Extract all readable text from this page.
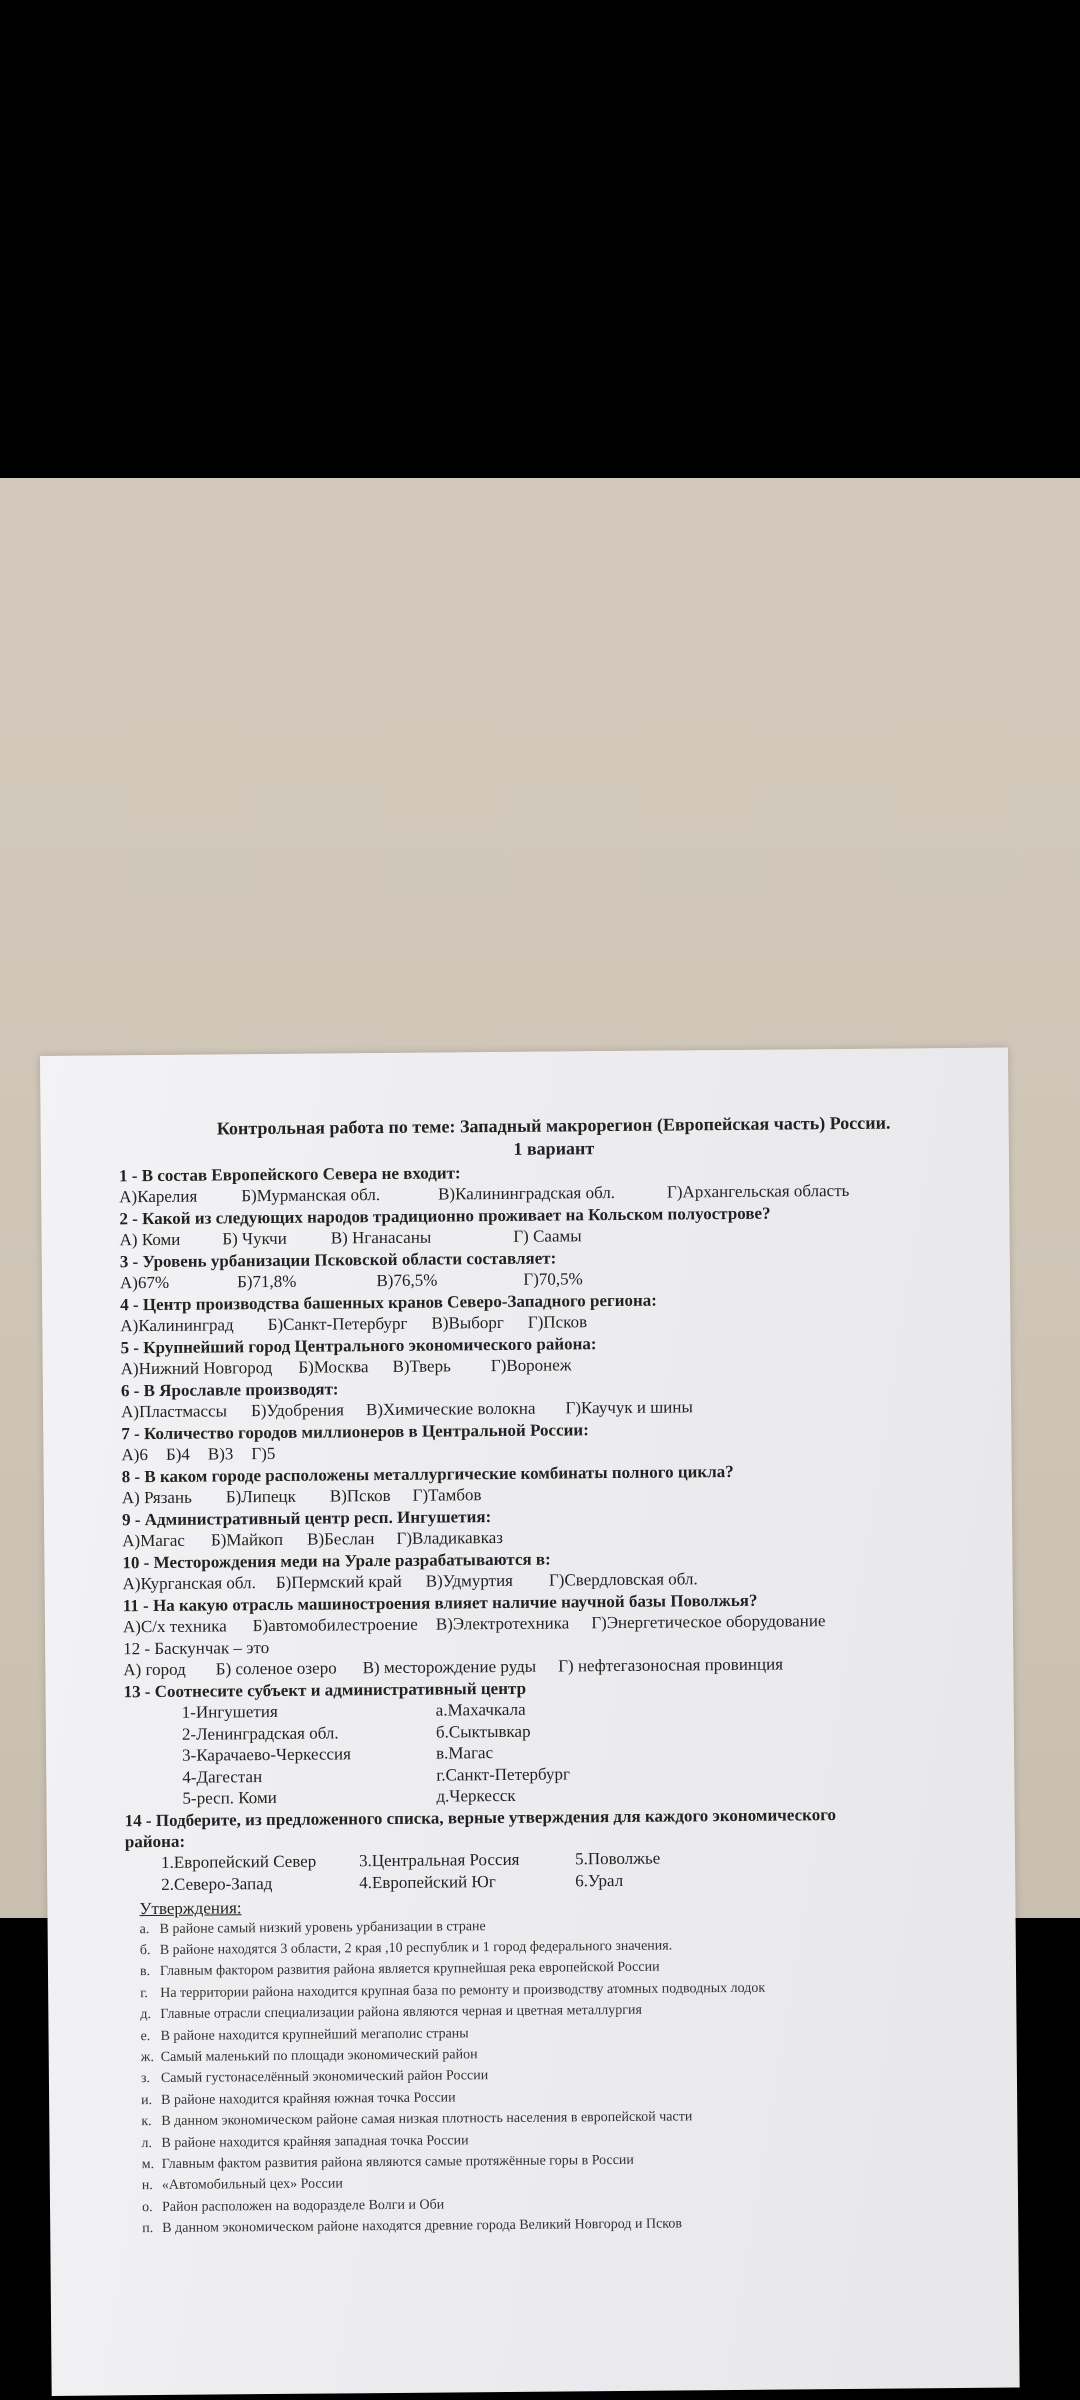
Контрольная работа по теме: Западный макрорегион (Европейская часть) России.
1 вариант
1 - В состав Европейского Севера не входит:
А)Карелия	Б)Мурманская обл.	В)Калининградская обл.	Г)Архангельская область
2 - Какой из следующих народов традиционно проживает на Кольском полуострове?
А) Коми Б) Чукчи	В) Нганасаны	Г) Саамы
3 - Уровень урбанизации Псковской области составляет:
А)67%	Б)71,8%	В)76,5%	Г)70,5%
4 - Центр производства башенных кранов Северо-Западного региона:
А)Калининград Б)Санкт-Петербург В)Выборг Г)Псков
5 - Крупнейший город Центрального экономического района:
А)Нижний Новгород Б)Москва В)Тверь Г)Воронеж
6 - В Ярославле производят:
А)Пластмассы Б)Удобрения В)Химические волокна Г)Каучук и шины
7 - Количество городов миллионеров в Центральной России:
А)6 Б)4 В)3 Г)5
8 - В каком городе расположены металлургические комбинаты полного цикла?
А) Рязань Б)Липецк В)Псков Г)Тамбов
9 - Административный центр респ. Ингушетия:
А)Магас Б)Майкоп В)Беслан Г)Владикавказ
10 - Месторождения меди на Урале разрабатываются в:
А)Курганская обл. Б)Пермский край В)Удмуртия Г)Свердловская обл.
11 - На какую отрасль машиностроения влияет наличие научной базы Поволжья?
А)С/х техника Б)автомобилестроение В)Электротехника Г)Энергетическое оборудование
12 - Баскунчак – это
А) город Б) соленое озеро В) месторождение руды Г) нефтегазоносная провинция
13 - Соотнесите субъект и административный центр
1-Ингушетия	а.Махачкала
2-Ленинградская обл.	б.Сыктывкар
3-Карачаево-Черкессия	в.Магас
4-Дагестан	г.Санкт-Петербург
5-респ. Коми	д.Черкесск
14 - Подберите, из предложенного списка, верные утверждения для каждого экономического
района:
1.Европейский Север	3.Центральная Россия	5.Поволжье
2.Северо-Запад	4.Европейский Юг	6.Урал
Утверждения:
а. В районе самый низкий уровень урбанизации в стране
б. В районе находятся 3 области, 2 края ,10 республик и 1 город федерального значения.
в. Главным фактором развития района является крупнейшая река европейской России
г. На территории района находится крупная база по ремонту и производству атомных подводных лодок
д. Главные отрасли специализации района являются черная и цветная металлургия
е. В районе находится крупнейший мегаполис страны
ж. Самый маленький по площади экономический район
з. Самый густонаселённый экономический район России
и. В районе находится крайняя южная точка России
к. В данном экономическом районе самая низкая плотность населения в европейской части
л. В районе находится крайняя западная точка России
м. Главным фактом развития района являются самые протяжённые горы в России
н. «Автомобильный цех» России
о. Район расположен на водоразделе Волги и Оби
п. В данном экономическом районе находятся древние города Великий Новгород и Псков
